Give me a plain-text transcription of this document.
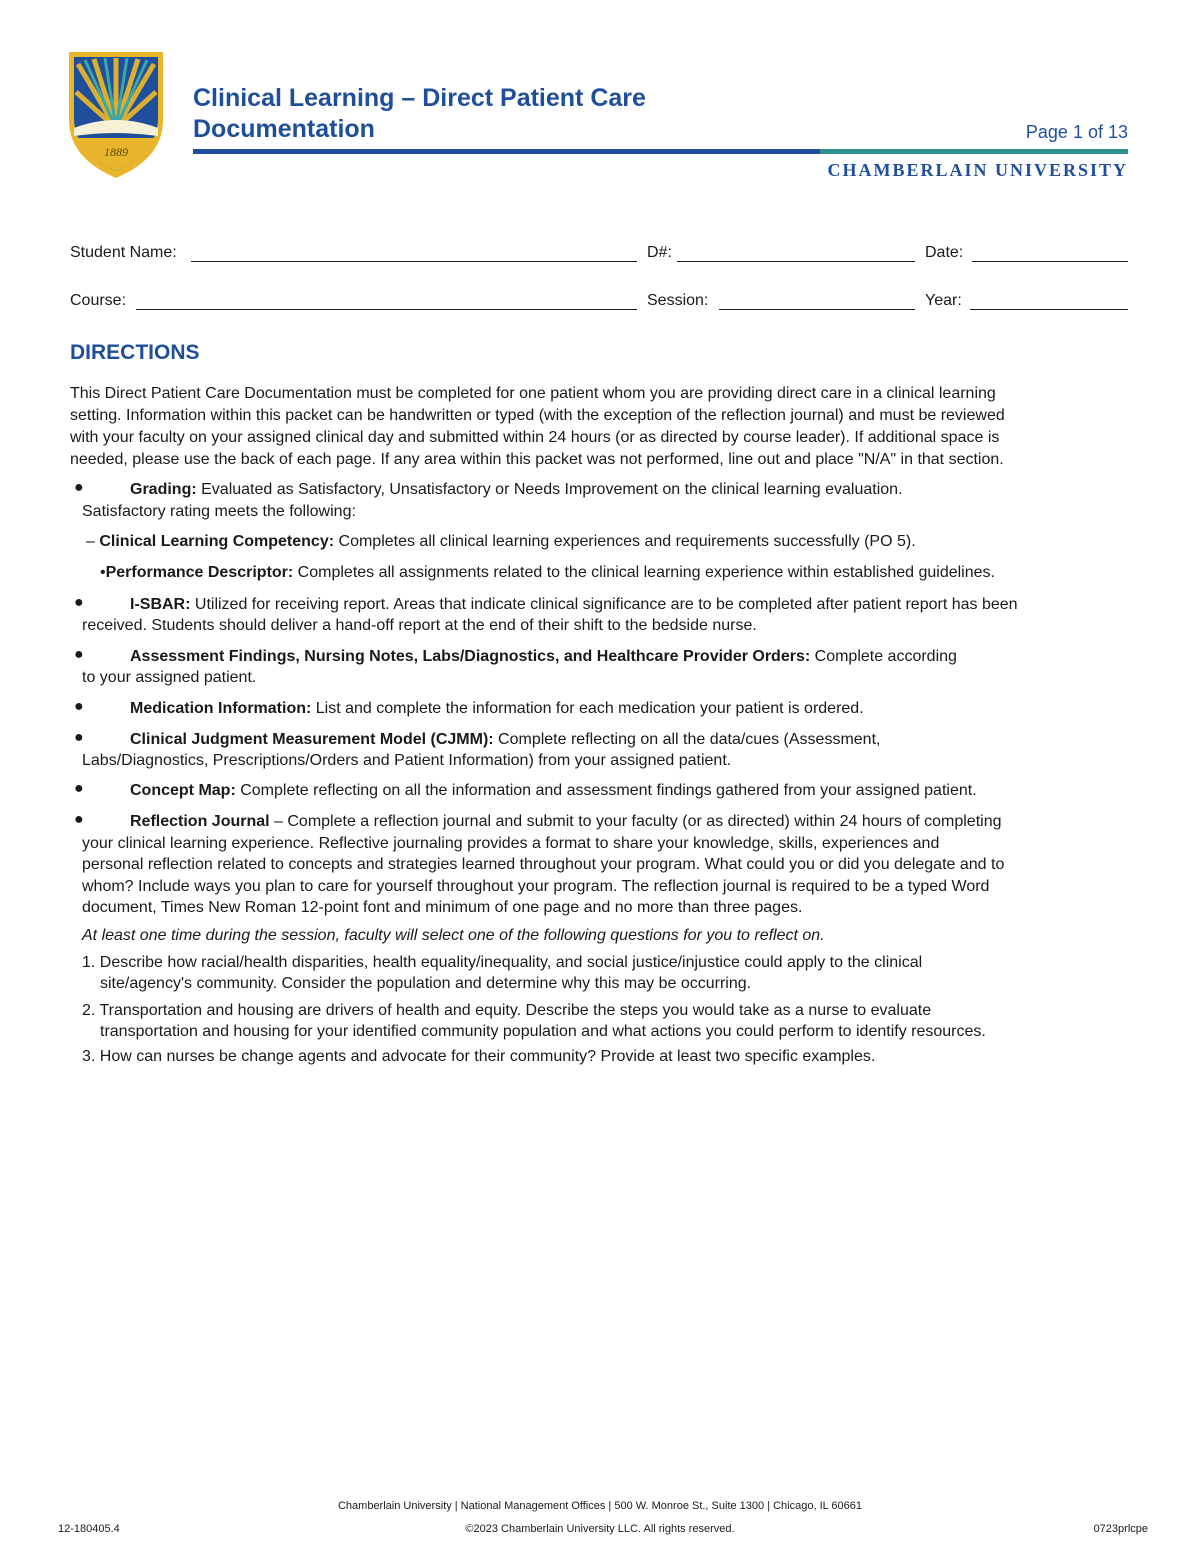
1889
Clinical Learning – Direct Patient Care
Documentation	Page 1 of 13
CHAMBERLAIN UNIVERSITY
Student Name:	D#:	Date:
Course:	Session:	Year:
DIRECTIONS
This Direct Patient Care Documentation must be completed for one patient whom you are providing direct care in a clinical learning
setting. Information within this packet can be handwritten or typed (with the exception of the reflection journal) and must be reviewed
with your faculty on your assigned clinical day and submitted within 24 hours (or as directed by course leader). If additional space is
needed, please use the back of each page. If any area within this packet was not performed, line out and place "N/A" in that section.
●	Grading: Evaluated as Satisfactory, Unsatisfactory or Needs Improvement on the clinical learning evaluation.
Satisfactory rating meets the following:
– Clinical Learning Competency: Completes all clinical learning experiences and requirements successfully (PO 5).
•Performance Descriptor: Completes all assignments related to the clinical learning experience within established guidelines.
●	I-SBAR: Utilized for receiving report. Areas that indicate clinical significance are to be completed after patient report has been
received. Students should deliver a hand-off report at the end of their shift to the bedside nurse.
●	Assessment Findings, Nursing Notes, Labs/Diagnostics, and Healthcare Provider Orders: Complete according
to your assigned patient.
●	Medication Information: List and complete the information for each medication your patient is ordered.
●	Clinical Judgment Measurement Model (CJMM): Complete reflecting on all the data/cues (Assessment,
Labs/Diagnostics, Prescriptions/Orders and Patient Information) from your assigned patient.
●	Concept Map: Complete reflecting on all the information and assessment findings gathered from your assigned patient.
●	Reflection Journal – Complete a reflection journal and submit to your faculty (or as directed) within 24 hours of completing
your clinical learning experience. Reflective journaling provides a format to share your knowledge, skills, experiences and
personal reflection related to concepts and strategies learned throughout your program. What could you or did you delegate and to
whom? Include ways you plan to care for yourself throughout your program. The reflection journal is required to be a typed Word
document, Times New Roman 12-point font and minimum of one page and no more than three pages.
At least one time during the session, faculty will select one of the following questions for you to reflect on.
1. Describe how racial/health disparities, health equality/inequality, and social justice/injustice could apply to the clinical
site/agency's community. Consider the population and determine why this may be occurring.
2. Transportation and housing are drivers of health and equity. Describe the steps you would take as a nurse to evaluate
transportation and housing for your identified community population and what actions you could perform to identify resources.
3. How can nurses be change agents and advocate for their community? Provide at least two specific examples.
Chamberlain University | National Management Offices | 500 W. Monroe St., Suite 1300 | Chicago, IL 60661
12-180405.4	©2023 Chamberlain University LLC. All rights reserved.	0723prlcpe
